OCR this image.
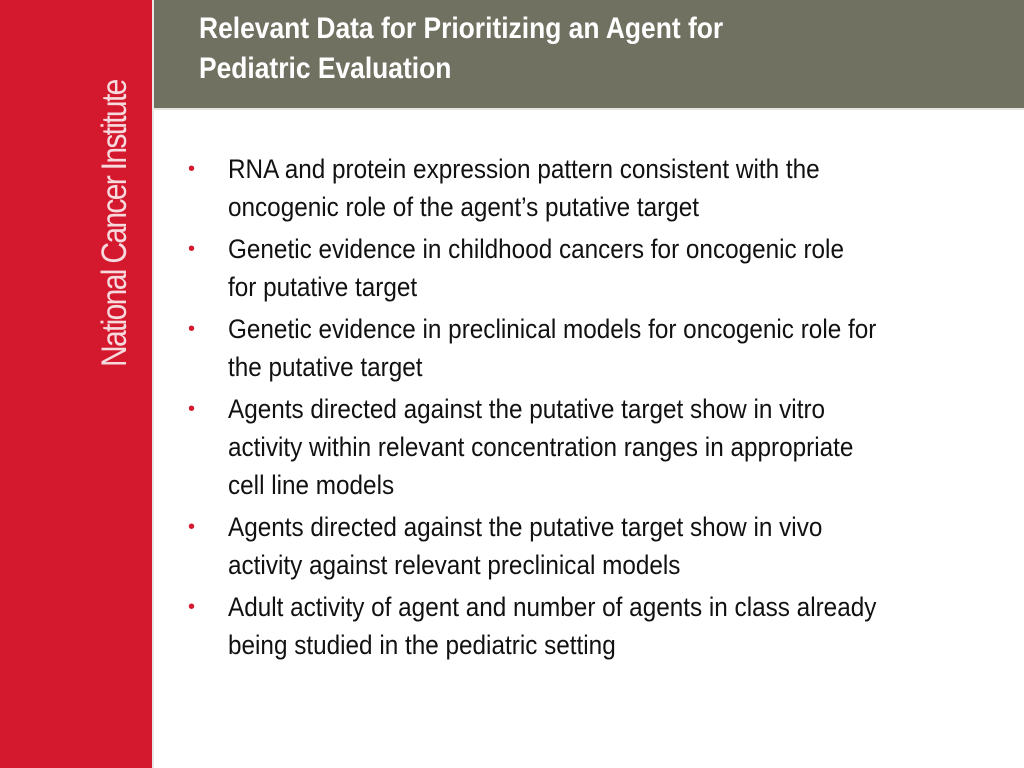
National Cancer Institute
Relevant Data for Prioritizing an Agent for
Pediatric Evaluation
• RNA and protein expression pattern consistent with the
oncogenic role of the agent’s putative target
• Genetic evidence in childhood cancers for oncogenic role
for putative target
• Genetic evidence in preclinical models for oncogenic role for
the putative target
• Agents directed against the putative target show in vitro
activity within relevant concentration ranges in appropriate
cell line models
• Agents directed against the putative target show in vivo
activity against relevant preclinical models
• Adult activity of agent and number of agents in class already
being studied in the pediatric setting
